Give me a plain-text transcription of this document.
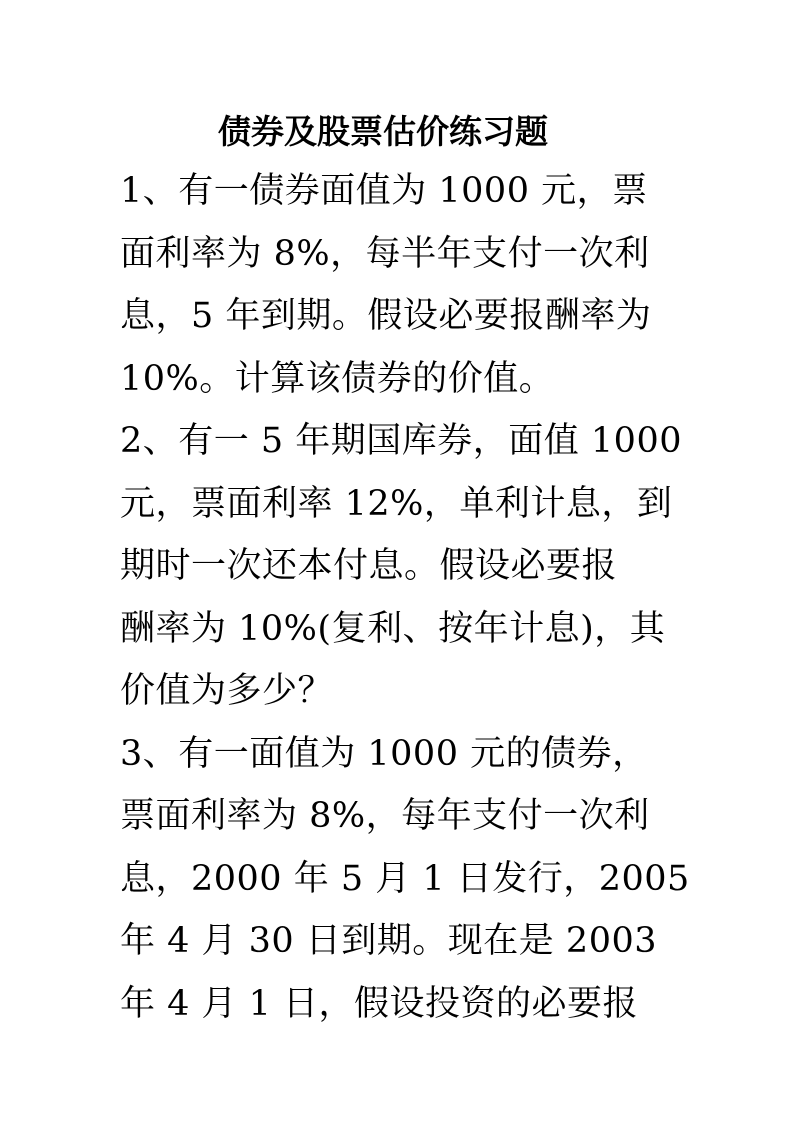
债券及股票估价练习题
1、有一债券面值为 1000 元，票
面利率为 8%，每半年支付一次利
息，5 年到期。假设必要报酬率为
10%。计算该债券的价值。
2、有一 5 年期国库券，面值 1000
元，票面利率 12%，单利计息，到
期时一次还本付息。假设必要报
酬率为 10%(复利、按年计息)，其
价值为多少？
3、有一面值为 1000 元的债券，
票面利率为 8%，每年支付一次利
息，2000 年 5 月 1 日发行，2005
年 4 月 30 日到期。现在是 2003
年 4 月 1 日，假设投资的必要报
